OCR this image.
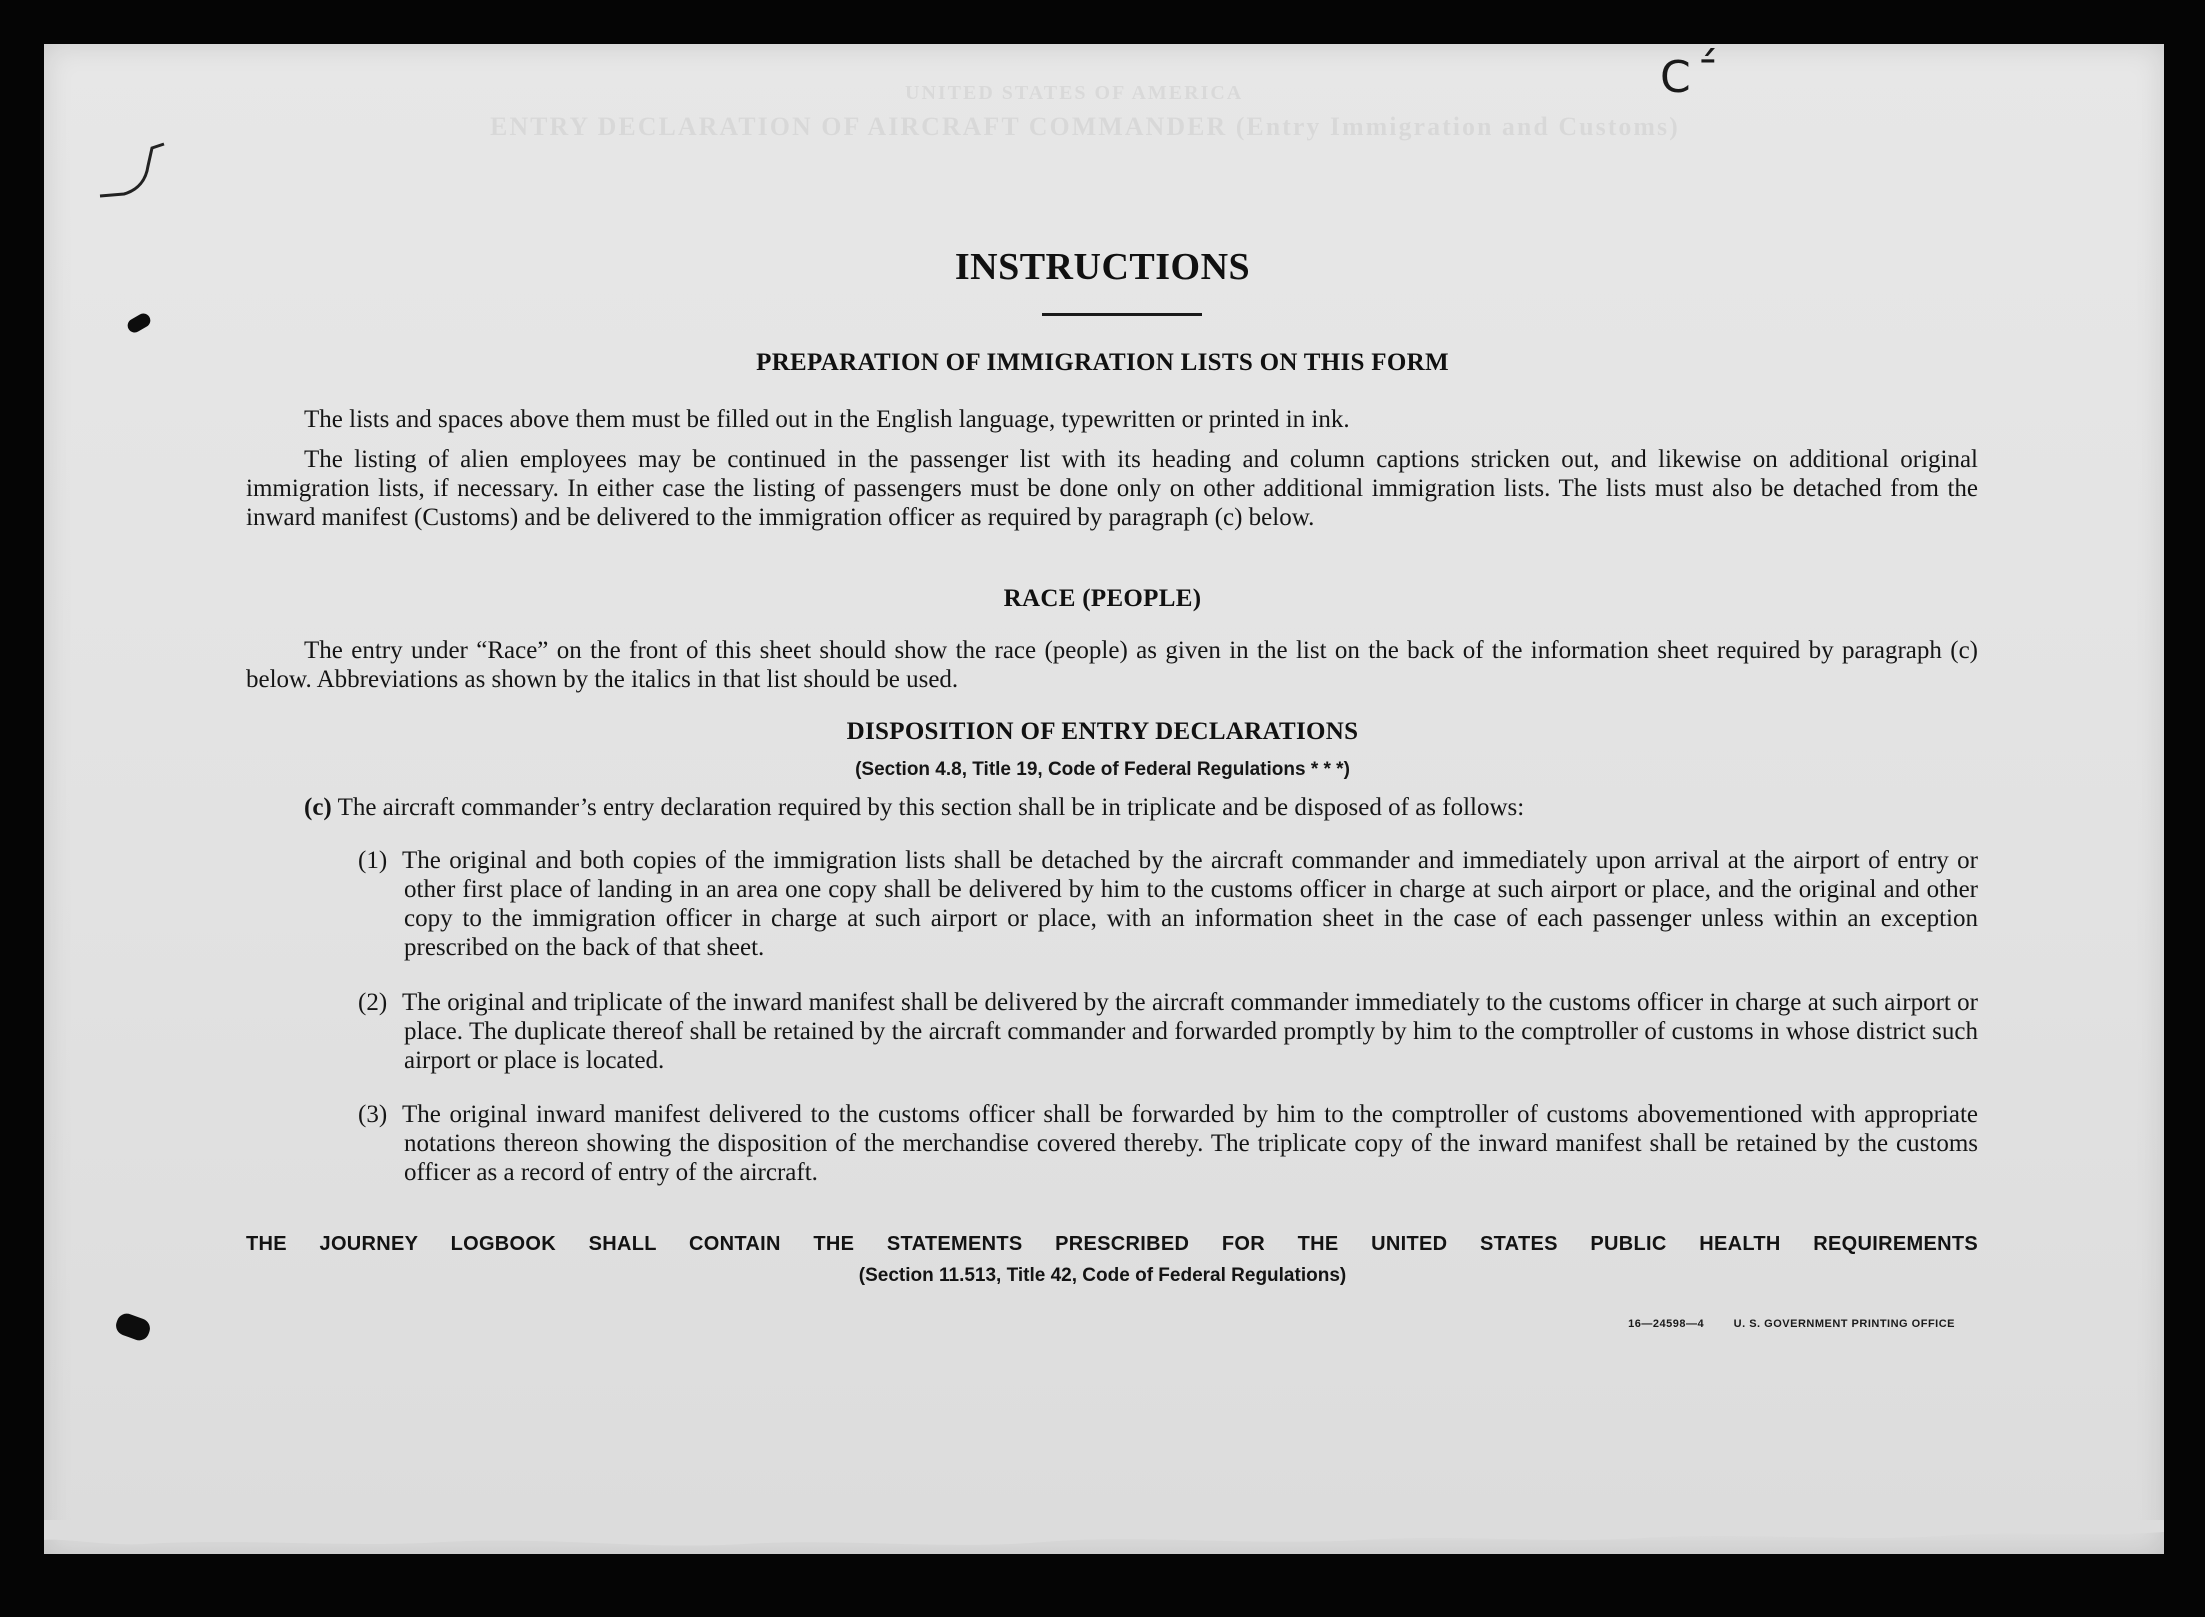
UNITED STATES OF AMERICA
ENTRY DECLARATION OF AIRCRAFT COMMANDER (Entry Immigration and Customs)
С ̄́
INSTRUCTIONS
PREPARATION OF IMMIGRATION LISTS ON THIS FORM
The lists and spaces above them must be filled out in the English language, typewritten or printed in ink.
The listing of alien employees may be continued in the passenger list with its heading and column captions stricken out, and likewise on additional original immigration lists, if necessary. In either case the listing of passengers must be done only on other additional immigration lists. The lists must also be detached from the inward manifest (Customs) and be delivered to the immigration officer as required by paragraph (c) below.
RACE (PEOPLE)
The entry under “Race” on the front of this sheet should show the race (people) as given in the list on the back of the information sheet required by paragraph (c) below. Abbreviations as shown by the italics in that list should be used.
DISPOSITION OF ENTRY DECLARATIONS
(Section 4.8, Title 19, Code of Federal Regulations * * *)
(c) The aircraft commander’s entry declaration required by this section shall be in triplicate and be disposed of as follows:
(1) The original and both copies of the immigration lists shall be detached by the aircraft commander and immediately upon arrival at the airport of entry or other first place of landing in an area one copy shall be delivered by him to the customs officer in charge at such airport or place, and the original and other copy to the immigration officer in charge at such airport or place, with an information sheet in the case of each passenger unless within an exception prescribed on the back of that sheet.
(2) The original and triplicate of the inward manifest shall be delivered by the aircraft commander immediately to the customs officer in charge at such airport or place. The duplicate thereof shall be retained by the aircraft commander and forwarded promptly by him to the comptroller of customs in whose district such airport or place is located.
(3) The original inward manifest delivered to the customs officer shall be forwarded by him to the comptroller of customs abovementioned with appropriate notations thereon showing the disposition of the merchandise covered thereby. The triplicate copy of the inward manifest shall be retained by the customs officer as a record of entry of the aircraft.
THE JOURNEY LOGBOOK SHALL CONTAIN THE STATEMENTS PRESCRIBED FOR THE UNITED STATES PUBLIC HEALTH REQUIREMENTS
(Section 11.513, Title 42, Code of Federal Regulations)
16—24598—4	U. S. GOVERNMENT PRINTING OFFICE
